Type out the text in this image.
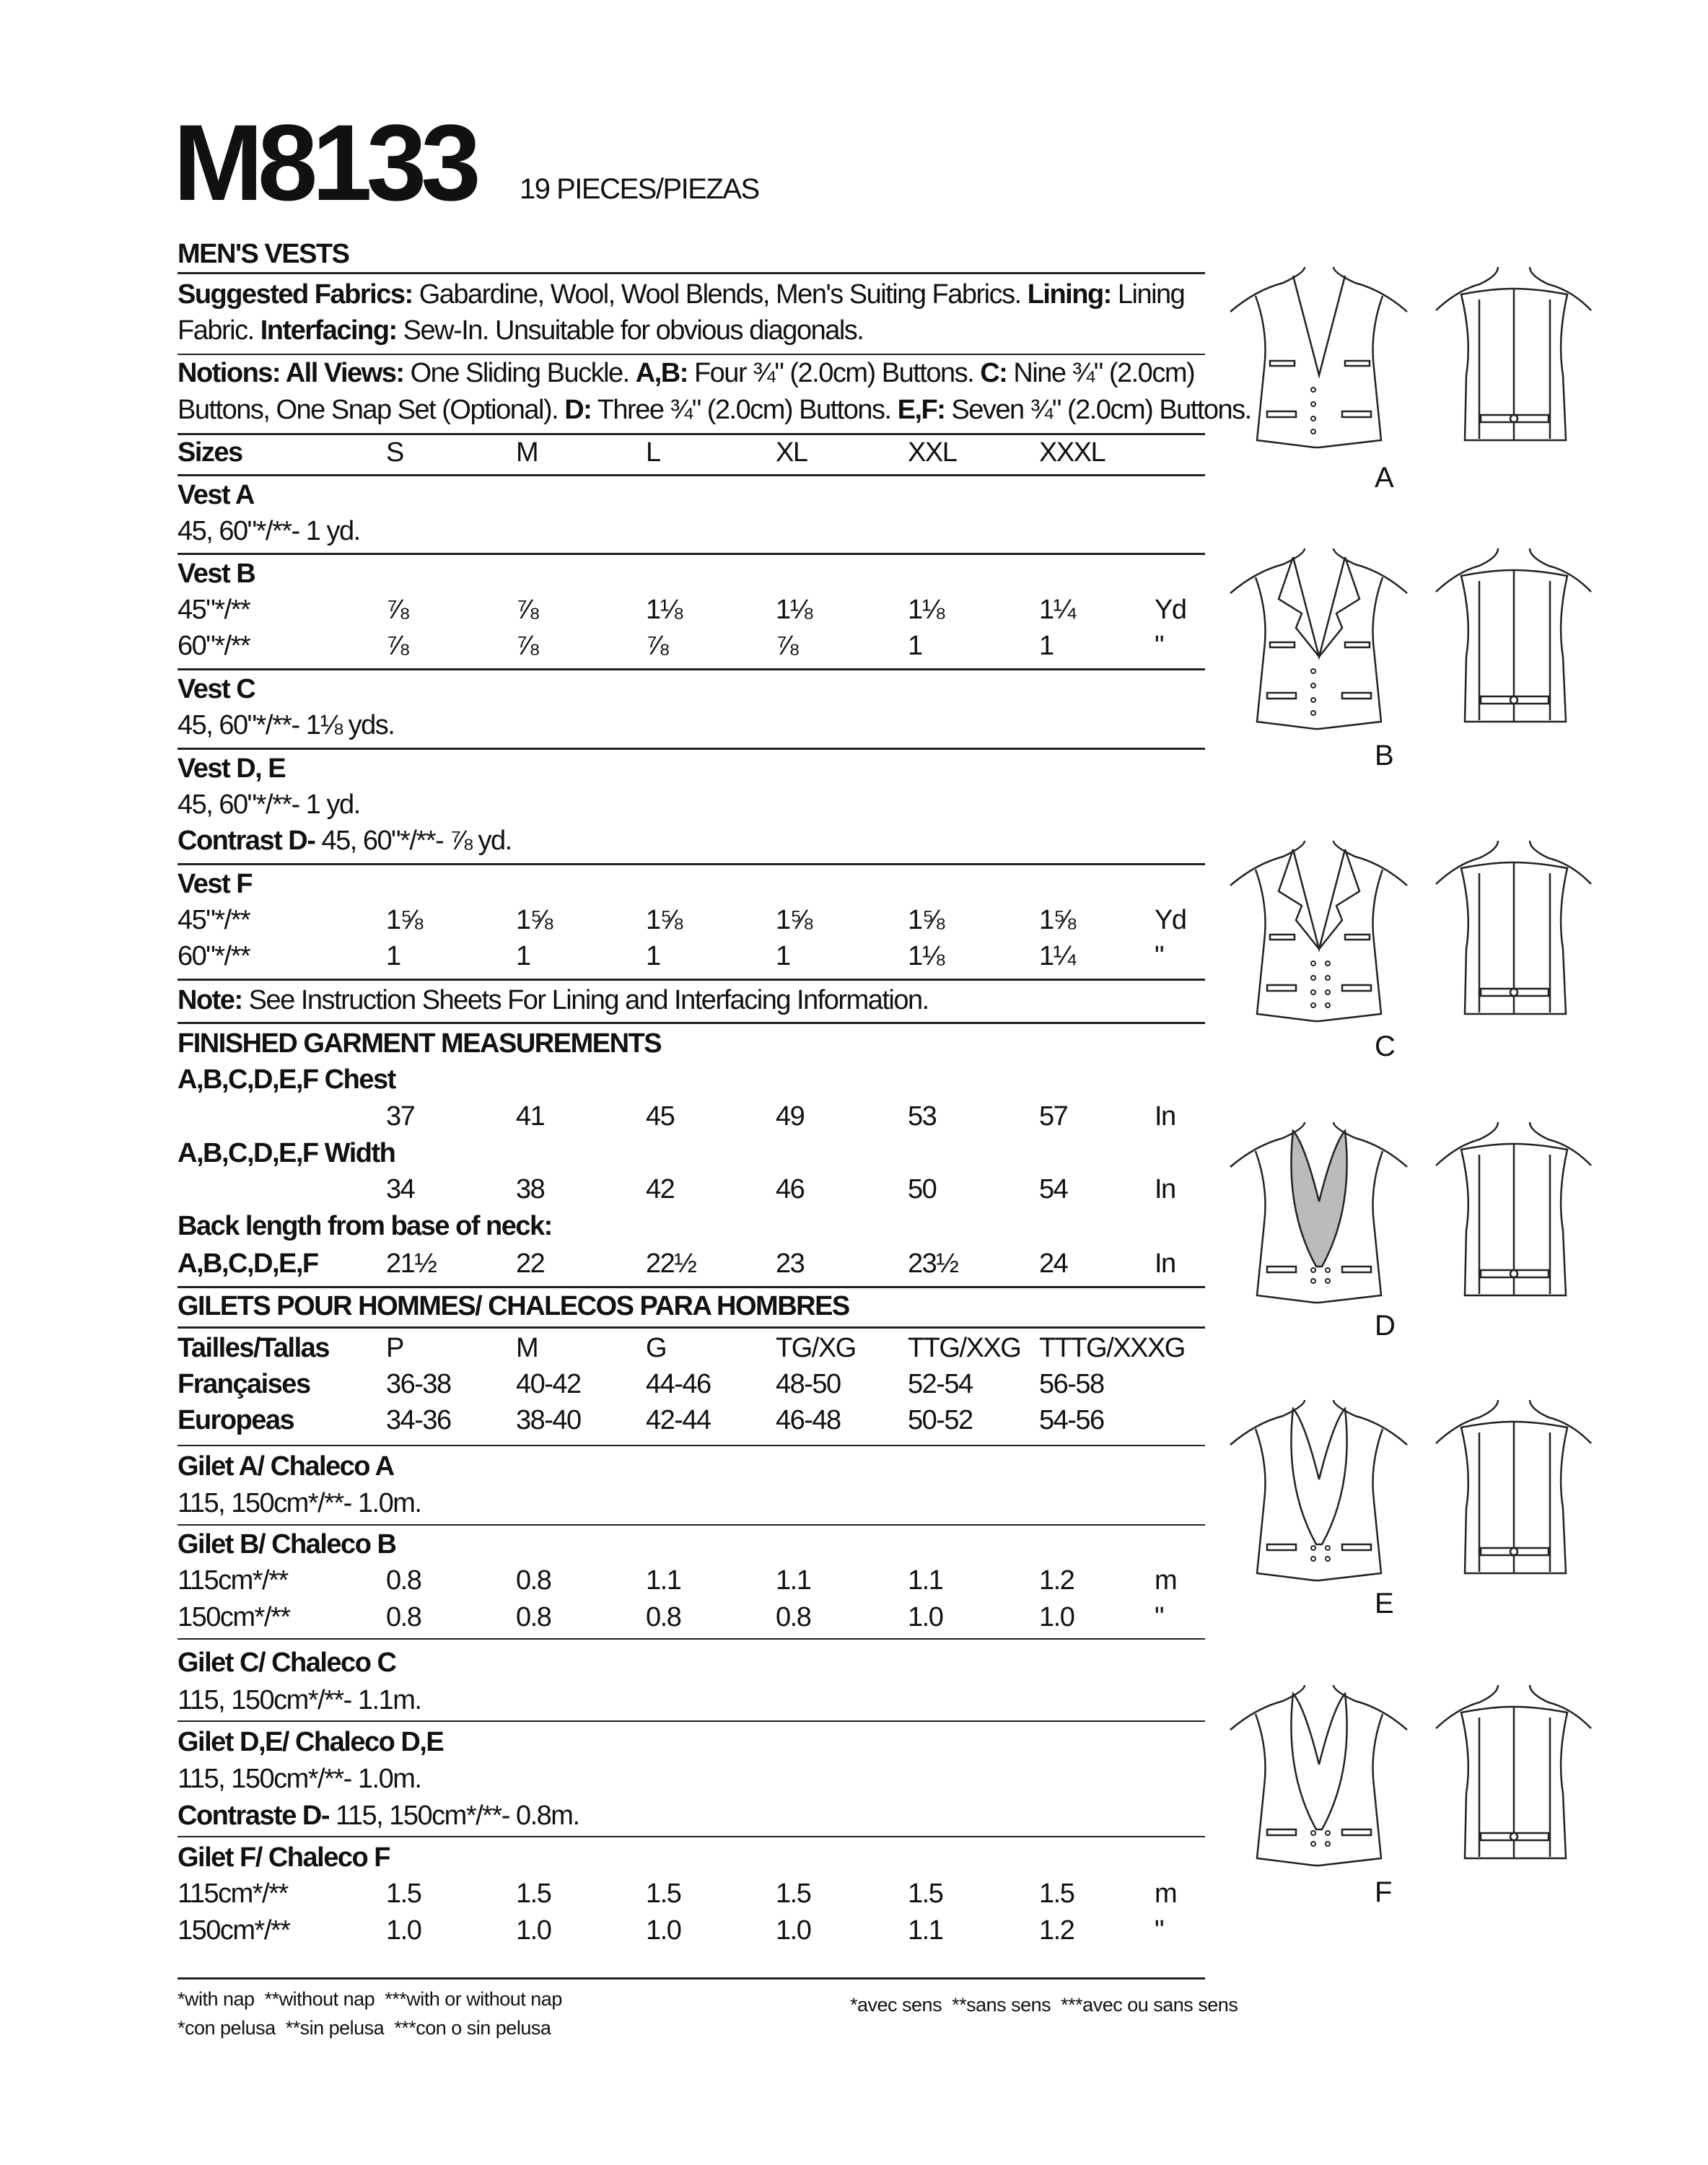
M8133 19 PIECES/PIEZAS
MEN'S VESTS
Suggested Fabrics: Gabardine, Wool, Wool Blends, Men's Suiting Fabrics. Lining: Lining
Fabric. Interfacing: Sew-In. Unsuitable for obvious diagonals.
Notions: All Views: One Sliding Buckle. A,B: Four ¾" (2.0cm) Buttons. C: Nine ¾" (2.0cm)
Buttons, One Snap Set (Optional). D: Three ¾" (2.0cm) Buttons. E,F: Seven ¾" (2.0cm) Buttons.
Sizes	S	M	L	XL	XXL	XXXL
Vest A
45, 60"*/**- 1 yd.
Vest B
45"*/**	⅞	⅞	1⅛	1⅛	1⅛	1¼	Yd
60"*/**	⅞	⅞	⅞	⅞	1	1	"
Vest C
45, 60"*/**- 1⅛ yds.
Vest D, E
45, 60"*/**- 1 yd.
Contrast D- 45, 60"*/**- ⅞ yd.
Vest F
45"*/**	1⅝	1⅝	1⅝	1⅝	1⅝	1⅝	Yd
60"*/**	1	1	1	1	1⅛	1¼	"
Note: See Instruction Sheets For Lining and Interfacing Information.
FINISHED GARMENT MEASUREMENTS
A,B,C,D,E,F Chest
37	41	45	49	53	57	In
A,B,C,D,E,F Width
34	38	42	46	50	54	In
Back length from base of neck:
A,B,C,D,E,F 21½	22	22½	23	23½	24	In
GILETS POUR HOMMES/ CHALECOS PARA HOMBRES
Tailles/Tallas P	M	G	TG/XG TTG/XXG TTTG/XXXG
Françaises	36-38 40-42 44-46 48-50 52-54 56-58
Europeas	34-36 38-40 42-44 46-48 50-52 54-56
Gilet A/ Chaleco A
115, 150cm*/**- 1.0m.
Gilet B/ Chaleco B
115cm*/**	0.8	0.8	1.1	1.1	1.1	1.2	m
150cm*/**	0.8	0.8	0.8	0.8	1.0	1.0	"
Gilet C/ Chaleco C
115, 150cm*/**- 1.1m.
Gilet D,E/ Chaleco D,E
115, 150cm*/**- 1.0m.
Contraste D- 115, 150cm*/**- 0.8m.
Gilet F/ Chaleco F
115cm*/**	1.5	1.5	1.5	1.5	1.5	1.5	m
150cm*/**	1.0	1.0	1.0	1.0	1.1	1.2	"
*with nap  **without nap  ***with or without nap
*con pelusa  **sin pelusa  ***con o sin pelusa
*avec sens  **sans sens  ***avec ou sans sens
A
B
C
D
E
F
